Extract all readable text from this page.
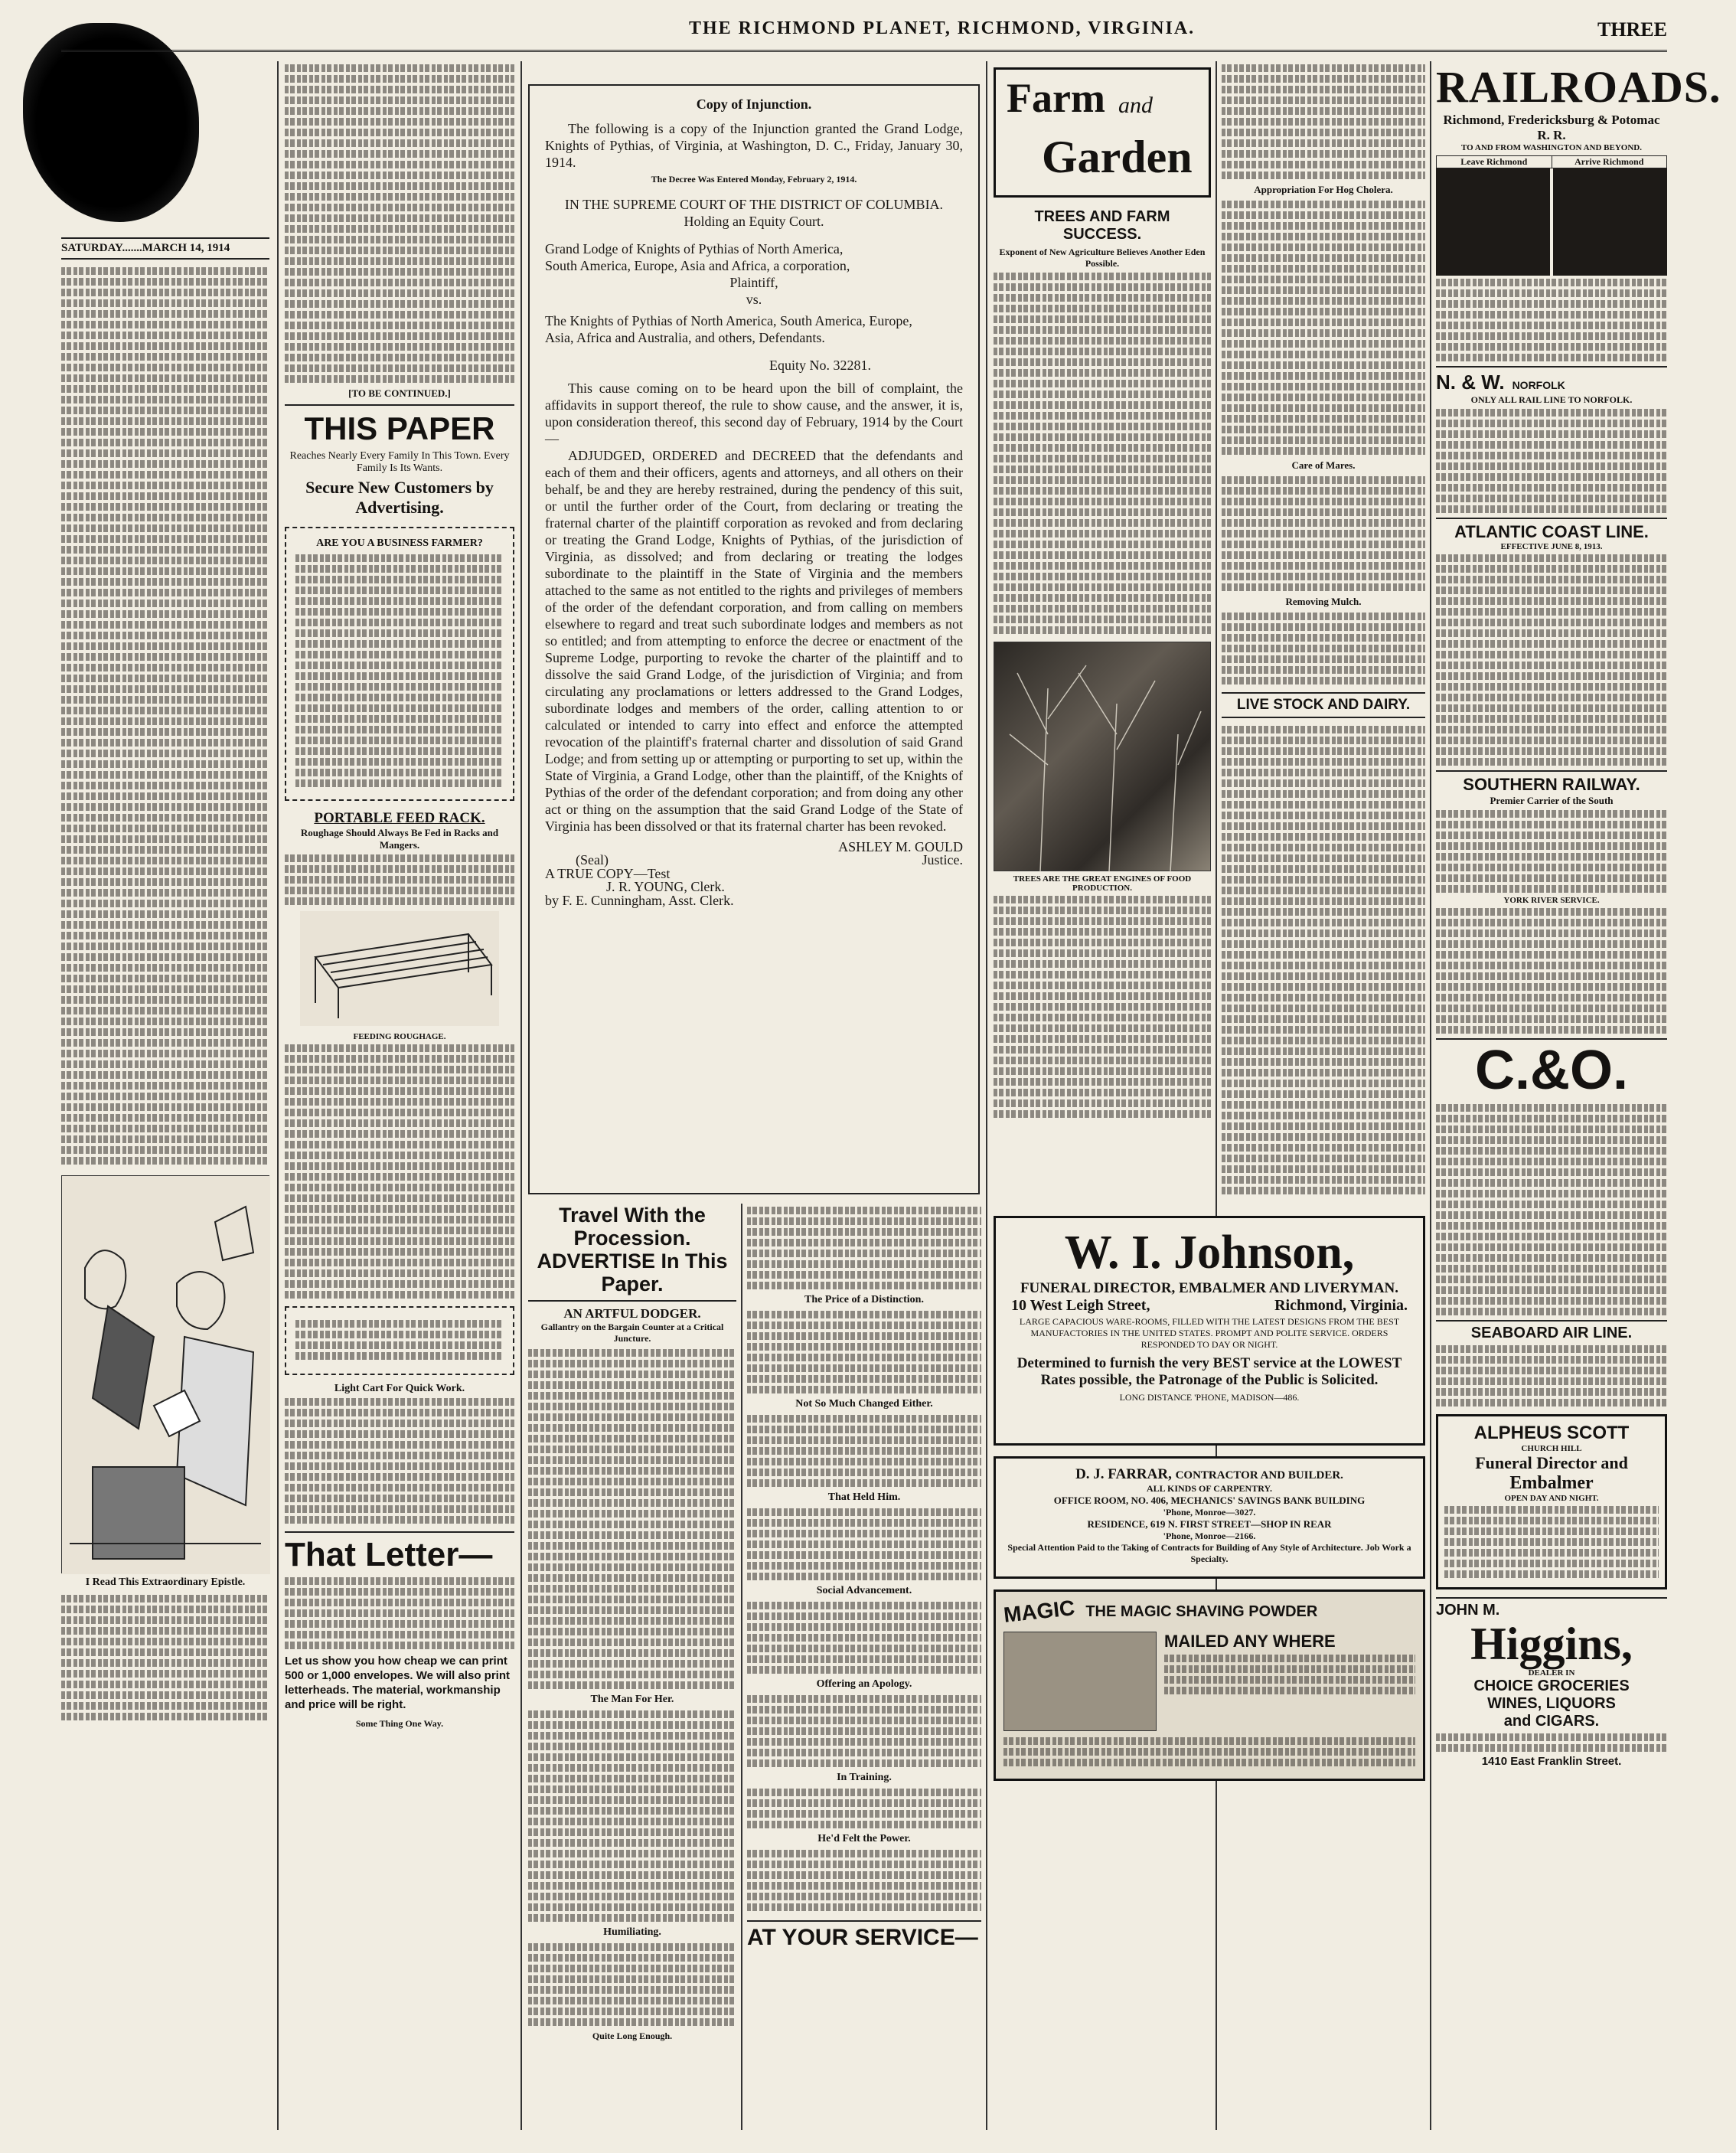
THE RICHMOND PLANET, RICHMOND, VIRGINIA.	THREE
SATURDAY.......MARCH 14, 1914
I Read This Extraordinary Epistle.
[TO BE CONTINUED.]
THIS PAPER
Reaches Nearly Every Family In This Town. Every Family Is Its Wants.
Secure New Customers by Advertising.
ARE YOU A BUSINESS FARMER?
PORTABLE FEED RACK.
Roughage Should Always Be Fed in Racks and Mangers.
FEEDING ROUGHAGE.
Light Cart For Quick Work.
That Letter—
Let us show you how cheap we can print 500 or 1,000 envelopes. We will also print letterheads. The material, workmanship and price will be right.
Some Thing One Way.
Copy of Injunction.
The following is a copy of the Injunction granted the Grand Lodge, Knights of Pythias, of Virginia, at Washington, D. C., Friday, January 30, 1914.
The Decree Was Entered Monday, February 2, 1914.
IN THE SUPREME COURT OF THE DISTRICT OF COLUMBIA.
Holding an Equity Court.
Grand Lodge of Knights of Pythias of North America, South America, Europe, Asia and Africa, a corporation,
Plaintiff,
vs.
The Knights of Pythias of North America, South America, Europe, Asia, Africa and Australia, and others, Defendants.
Equity No. 32281.
This cause coming on to be heard upon the bill of complaint, the affidavits in support thereof, the rule to show cause, and the answer, it is, upon consideration thereof, this second day of February, 1914 by the Court—
ADJUDGED, ORDERED and DECREED that the defendants and each of them and their officers, agents and attorneys, and all others on their behalf, be and they are hereby restrained, during the pendency of this suit, or until the further order of the Court, from declaring or treating the fraternal charter of the plaintiff corporation as revoked and from declaring or treating the Grand Lodge, Knights of Pythias, of the jurisdiction of Virginia, as dissolved; and from declaring or treating the lodges subordinate to the plaintiff in the State of Virginia and the members attached to the same as not entitled to the rights and privileges of members of the order of the defendant corporation, and from calling on members elsewhere to regard and treat such subordinate lodges and members as not so entitled; and from attempting to enforce the decree or enactment of the Supreme Lodge, purporting to revoke the charter of the plaintiff and to dissolve the said Grand Lodge, of the jurisdiction of Virginia; and from circulating any proclamations or letters addressed to the Grand Lodges, subordinate lodges and members of the order, calling attention to or calculated or intended to carry into effect and enforce the attempted revocation of the plaintiff's fraternal charter and dissolution of said Grand Lodge; and from setting up or attempting or purporting to set up, within the State of Virginia, a Grand Lodge, other than the plaintiff, of the Knights of Pythias of the order of the defendant corporation; and from doing any other act or thing on the assumption that the said Grand Lodge of the State of Virginia has been dissolved or that its fraternal charter has been revoked.
ASHLEY M. GOULD
(Seal)	Justice.
A TRUE COPY—Test
J. R. YOUNG, Clerk.
by F. E. Cunningham, Asst. Clerk.
Travel With the Procession.
ADVERTISE In This Paper.
AN ARTFUL DODGER.
Gallantry on the Bargain Counter at a Critical Juncture.
The Man For Her.
Humiliating.
Quite Long Enough.
The Price of a Distinction.
Not So Much Changed Either.
That Held Him.
Social Advancement.
Offering an Apology.
In Training.
He'd Felt the Power.
AT YOUR SERVICE—
Farm and
Garden
TREES AND FARM SUCCESS.
Exponent of New Agriculture Believes Another Eden Possible.
TREES ARE THE GREAT ENGINES OF FOOD PRODUCTION.
Appropriation For Hog Cholera.
Care of Mares.
Removing Mulch.
LIVE STOCK AND DAIRY.
W. I. Johnson,
FUNERAL DIRECTOR, EMBALMER AND LIVERYMAN.
10 West Leigh Street,	Richmond, Virginia.
LARGE CAPACIOUS WARE-ROOMS, FILLED WITH THE LATEST DESIGNS FROM THE BEST MANUFACTORIES IN THE UNITED STATES. PROMPT AND POLITE SERVICE. ORDERS RESPONDED TO DAY OR NIGHT.
Determined to furnish the very BEST service at the LOWEST Rates possible, the Patronage of the Public is Solicited.
LONG DISTANCE 'PHONE, MADISON—486.
D. J. FARRAR, CONTRACTOR AND BUILDER.
ALL KINDS OF CARPENTRY.
OFFICE ROOM, NO. 406, MECHANICS' SAVINGS BANK BUILDING
'Phone, Monroe—3027.
RESIDENCE, 619 N. FIRST STREET—SHOP IN REAR
'Phone, Monroe—2166.
Special Attention Paid to the Taking of Contracts for Building of Any Style of Architecture. Job Work a Specialty.
MAGIC THE MAGIC SHAVING POWDER
MAILED ANY WHERE
RAILROADS.
Richmond, Fredericksburg & Potomac R. R.
TO AND FROM WASHINGTON AND BEYOND.
Leave Richmond	Arrive Richmond
N. & W. NORFOLK
ONLY ALL RAIL LINE TO NORFOLK.
ATLANTIC COAST LINE.
EFFECTIVE JUNE 8, 1913.
SOUTHERN RAILWAY.
Premier Carrier of the South
YORK RIVER SERVICE.
C.&O.
SEABOARD AIR LINE.
ALPHEUS SCOTT
CHURCH HILL
Funeral Director and
Embalmer
OPEN DAY AND NIGHT.
JOHN M.
Higgins,
DEALER IN
CHOICE GROCERIES
WINES, LIQUORS
and CIGARS.
1410 East Franklin Street.
